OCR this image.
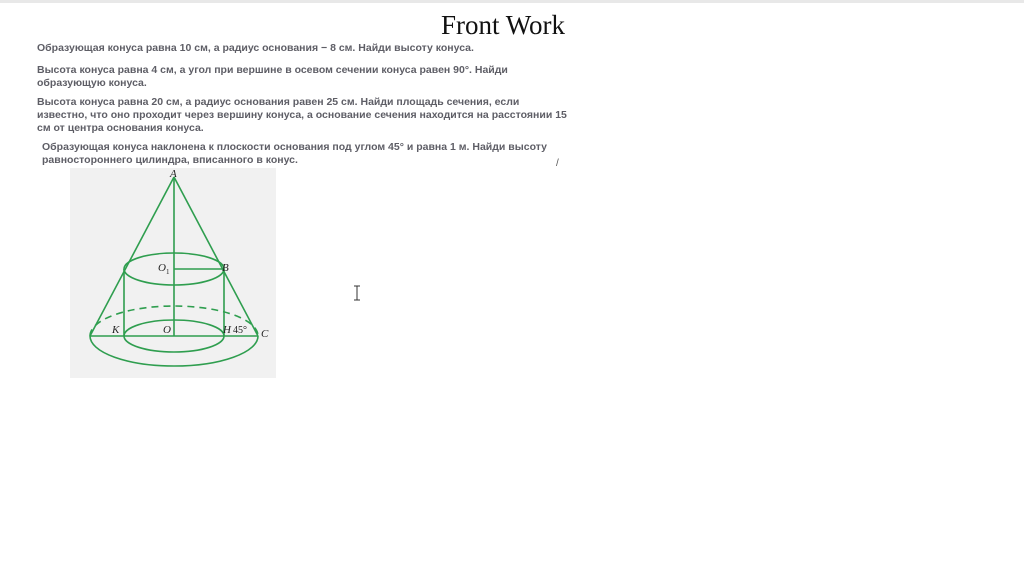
Front Work

Образующая конуса равна 10 см, а радиус основания − 8 см. Найди высоту конуса.

Высота конуса равна 4 см, а угол при вершине в осевом сечении конуса равен 90°. Найди образующую конуса.

Высота конуса равна 20 см, а радиус основания равен 25 см. Найди площадь сечения, если известно, что оно проходит через вершину конуса, а основание сечения находится на расстоянии 15 см от центра основания конуса.

Образующая конуса наклонена к плоскости основания под углом 45° и равна 1 м. Найди высоту равностороннего цилиндра, вписанного в конус.	/
A
$O_1$	B
K	O	H 45° C
